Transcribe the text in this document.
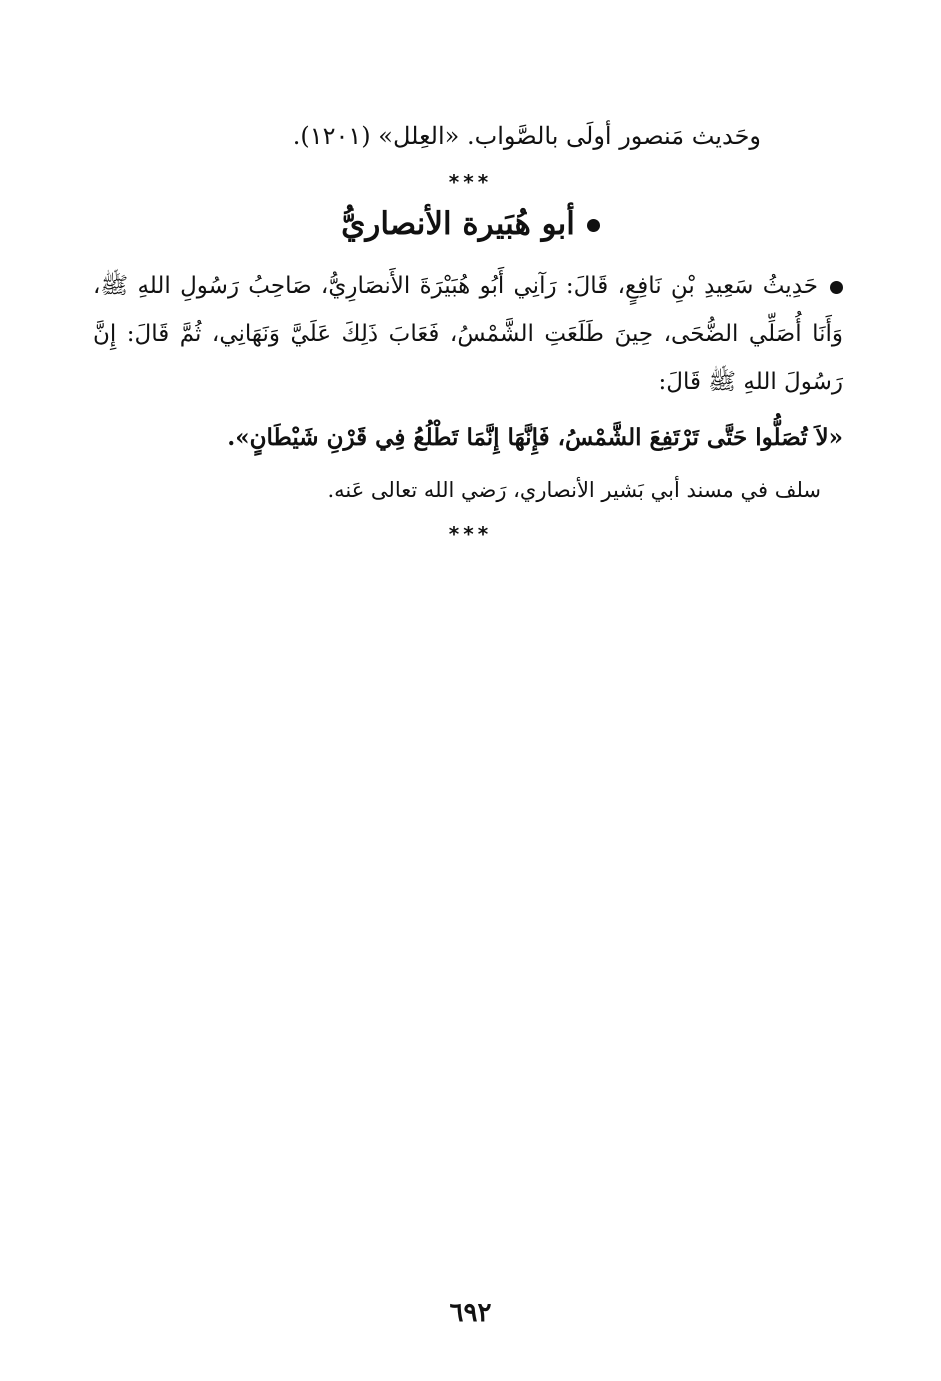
وحَديث مَنصور أولَى بالصَّواب. «العِلل» (١٢٠١).
***
أبو هُبَيرة الأنصاريُّ
حَدِيثُ سَعِيدِ بْنِ نَافِعٍ، قَالَ: رَآنِي أَبُو هُبَيْرَةَ الأَنصَارِيُّ، صَاحِبُ رَسُولِ اللهِ ﷺ، وَأَنَا أُصَلِّي الضُّحَى، حِينَ طَلَعَتِ الشَّمْسُ، فَعَابَ ذَلِكَ عَلَيَّ وَنَهَانِي، ثُمَّ قَالَ: إِنَّ رَسُولَ اللهِ ﷺ قَالَ:
«لاَ تُصَلُّوا حَتَّى تَرْتَفِعَ الشَّمْسُ، فَإِنَّهَا إِنَّمَا تَطْلُعُ فِي قَرْنِ شَيْطَانٍ».
سلف في مسند أبي بَشير الأنصاري، رَضي الله تعالى عَنه.
***
٦٩٢
